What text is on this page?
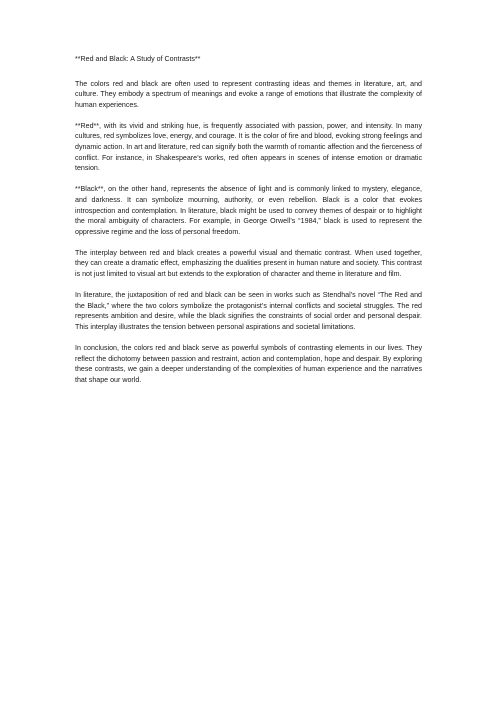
**Red and Black: A Study of Contrasts**

The colors red and black are often used to represent contrasting ideas and themes in literature, art, and culture. They embody a spectrum of meanings and evoke a range of emotions that illustrate the complexity of human experiences.

**Red**, with its vivid and striking hue, is frequently associated with passion, power, and intensity. In many cultures, red symbolizes love, energy, and courage. It is the color of fire and blood, evoking strong feelings and dynamic action. In art and literature, red can signify both the warmth of romantic affection and the fierceness of conflict. For instance, in Shakespeare’s works, red often appears in scenes of intense emotion or dramatic tension.

**Black**, on the other hand, represents the absence of light and is commonly linked to mystery, elegance, and darkness. It can symbolize mourning, authority, or even rebellion. Black is a color that evokes introspection and contemplation. In literature, black might be used to convey themes of despair or to highlight the moral ambiguity of characters. For example, in George Orwell’s “1984,” black is used to represent the oppressive regime and the loss of personal freedom.

The interplay between red and black creates a powerful visual and thematic contrast. When used together, they can create a dramatic effect, emphasizing the dualities present in human nature and society. This contrast is not just limited to visual art but extends to the exploration of character and theme in literature and film.

In literature, the juxtaposition of red and black can be seen in works such as Stendhal’s novel “The Red and the Black,” where the two colors symbolize the protagonist’s internal conflicts and societal struggles. The red represents ambition and desire, while the black signifies the constraints of social order and personal despair. This interplay illustrates the tension between personal aspirations and societal limitations.

In conclusion, the colors red and black serve as powerful symbols of contrasting elements in our lives. They reflect the dichotomy between passion and restraint, action and contemplation, hope and despair. By exploring these contrasts, we gain a deeper understanding of the complexities of human experience and the narratives that shape our world.
